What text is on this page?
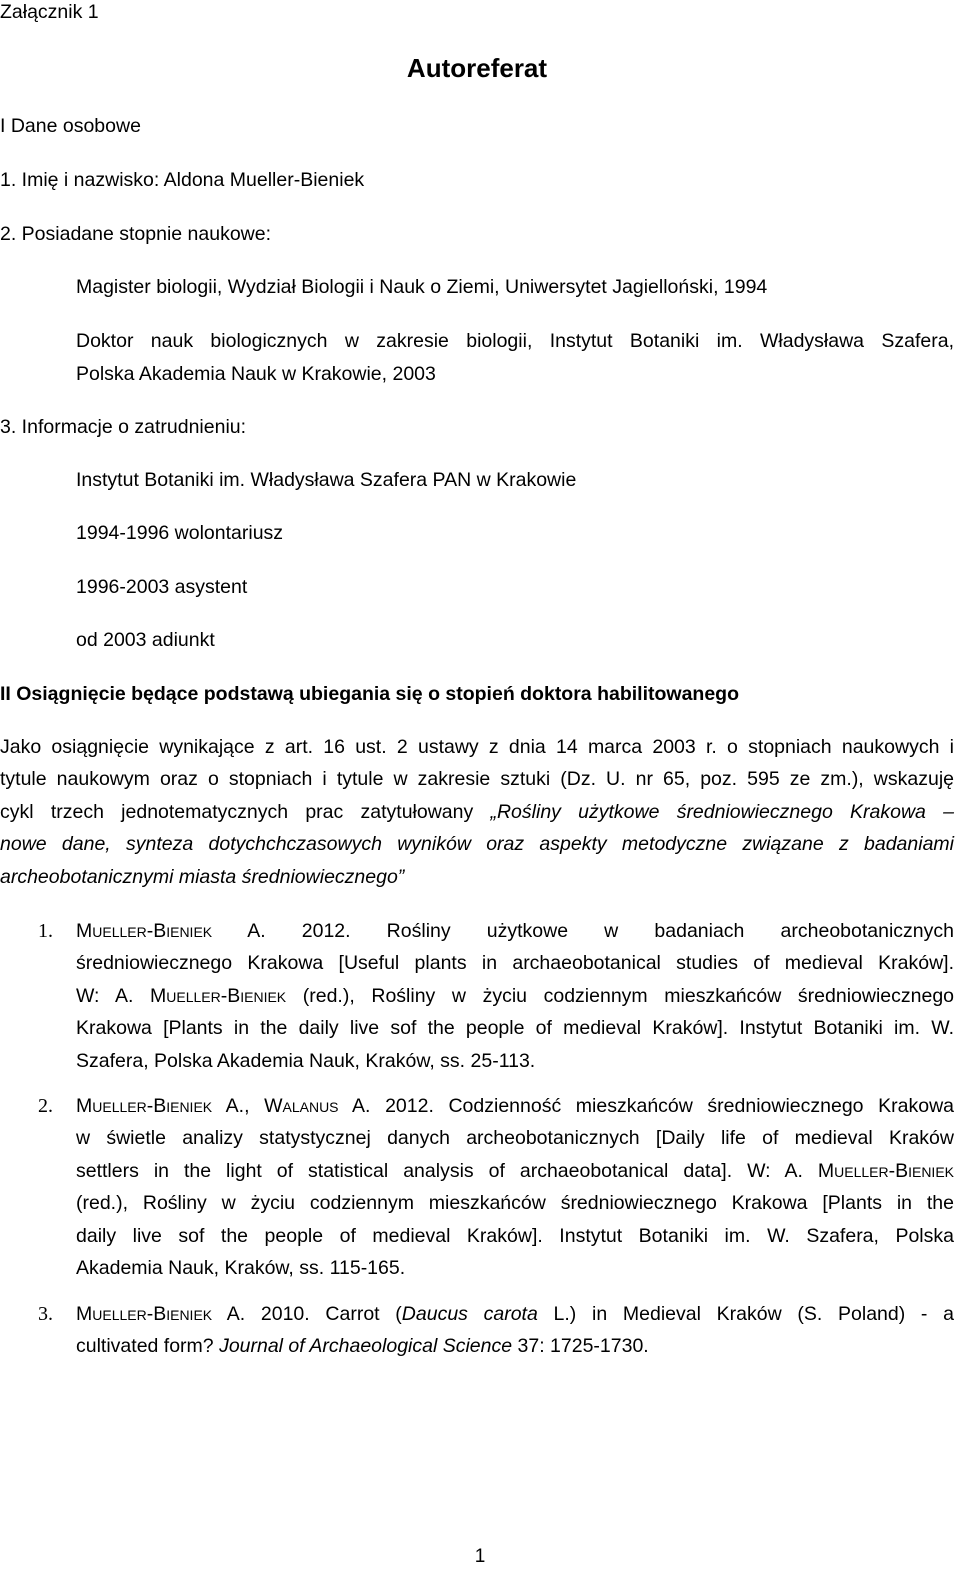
Załącznik 1
Autoreferat
I Dane osobowe
1. Imię i nazwisko: Aldona Mueller-Bieniek
2. Posiadane stopnie naukowe:
Magister biologii, Wydział Biologii i Nauk o Ziemi, Uniwersytet Jagielloński, 1994
Doktor nauk biologicznych w zakresie biologii, Instytut Botaniki im. Władysława Szafera,
Polska Akademia Nauk w Krakowie, 2003
3. Informacje o zatrudnieniu:
Instytut Botaniki im. Władysława Szafera PAN w Krakowie
1994-1996 wolontariusz
1996-2003 asystent
od 2003 adiunkt
II Osiągnięcie będące podstawą ubiegania się o stopień doktora habilitowanego
Jako osiągnięcie wynikające z art. 16 ust. 2 ustawy z dnia 14 marca 2003 r. o stopniach naukowych i
tytule naukowym oraz o stopniach i tytule w zakresie sztuki (Dz. U. nr 65, poz. 595 ze zm.), wskazuję
cykl trzech jednotematycznych prac zatytułowany „Rośliny użytkowe średniowiecznego Krakowa –
nowe dane, synteza dotychchczasowych wyników oraz aspekty metodyczne związane z badaniami
archeobotanicznymi miasta średniowiecznego”
1. Mueller-Bieniek A. 2012. Rośliny użytkowe w badaniach archeobotanicznych
średniowiecznego Krakowa [Useful plants in archaeobotanical studies of medieval Kraków].
W: A. Mueller-Bieniek (red.), Rośliny w życiu codziennym mieszkańców średniowiecznego
Krakowa [Plants in the daily live sof the people of medieval Kraków]. Instytut Botaniki im. W.
Szafera, Polska Akademia Nauk, Kraków, ss. 25-113.
2. Mueller-Bieniek A., Walanus A. 2012. Codzienność mieszkańców średniowiecznego Krakowa
w świetle analizy statystycznej danych archeobotanicznych [Daily life of medieval Kraków
settlers in the light of statistical analysis of archaeobotanical data]. W: A. Mueller-Bieniek
(red.), Rośliny w życiu codziennym mieszkańców średniowiecznego Krakowa [Plants in the
daily live sof the people of medieval Kraków]. Instytut Botaniki im. W. Szafera, Polska
Akademia Nauk, Kraków, ss. 115-165.
3. Mueller-Bieniek A. 2010. Carrot (Daucus carota L.) in Medieval Kraków (S. Poland) - a
cultivated form? Journal of Archaeological Science 37: 1725-1730.
1
